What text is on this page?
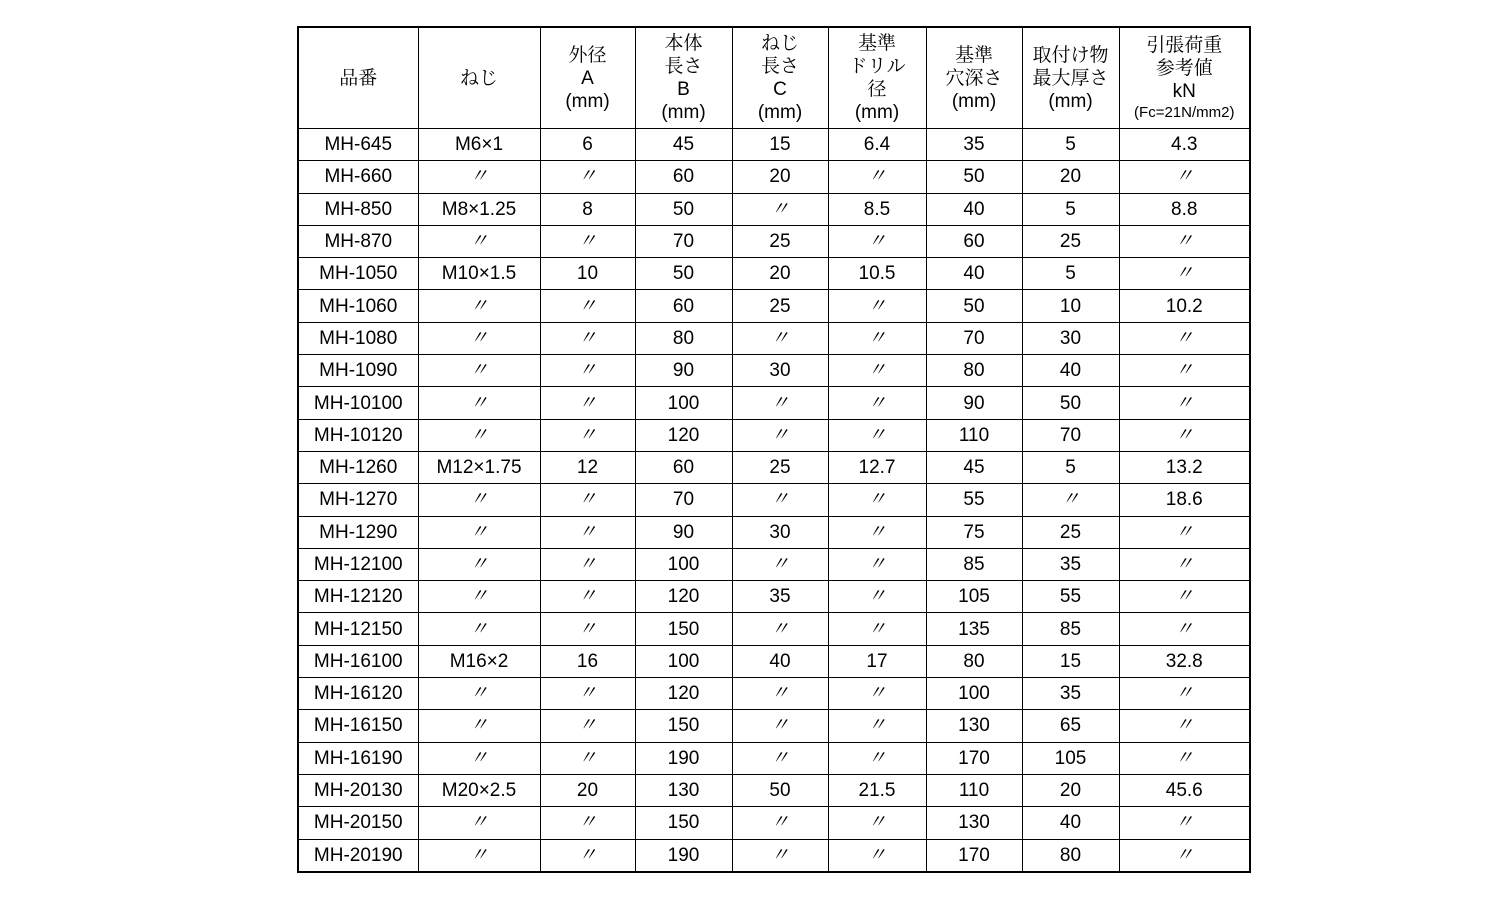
品番	ねじ	外径
A
(mm)	本体
長さ
B
(mm)	ねじ
長さ
C
(mm)	基準
ドリル
径
(mm)	基準
穴深さ
(mm)	取付け物
最大厚さ
(mm)	引張荷重
参考値
kN
(Fc=21N/mm2)

MH-645	M6×1	6	45	15	6.4	35	5	4.3
MH-660	〃	〃	60	20	〃	50	20	〃
MH-850	M8×1.25	8	50	〃	8.5	40	5	8.8
MH-870	〃	〃	70	25	〃	60	25	〃
MH-1050	M10×1.5	10	50	20	10.5	40	5	〃
MH-1060	〃	〃	60	25	〃	50	10	10.2
MH-1080	〃	〃	80	〃	〃	70	30	〃
MH-1090	〃	〃	90	30	〃	80	40	〃
MH-10100	〃	〃	100	〃	〃	90	50	〃
MH-10120	〃	〃	120	〃	〃	110	70	〃
MH-1260	M12×1.75	12	60	25	12.7	45	5	13.2
MH-1270	〃	〃	70	〃	〃	55	〃	18.6
MH-1290	〃	〃	90	30	〃	75	25	〃
MH-12100	〃	〃	100	〃	〃	85	35	〃
MH-12120	〃	〃	120	35	〃	105	55	〃
MH-12150	〃	〃	150	〃	〃	135	85	〃
MH-16100	M16×2	16	100	40	17	80	15	32.8
MH-16120	〃	〃	120	〃	〃	100	35	〃
MH-16150	〃	〃	150	〃	〃	130	65	〃
MH-16190	〃	〃	190	〃	〃	170	105	〃
MH-20130	M20×2.5	20	130	50	21.5	110	20	45.6
MH-20150	〃	〃	150	〃	〃	130	40	〃
MH-20190	〃	〃	190	〃	〃	170	80	〃
